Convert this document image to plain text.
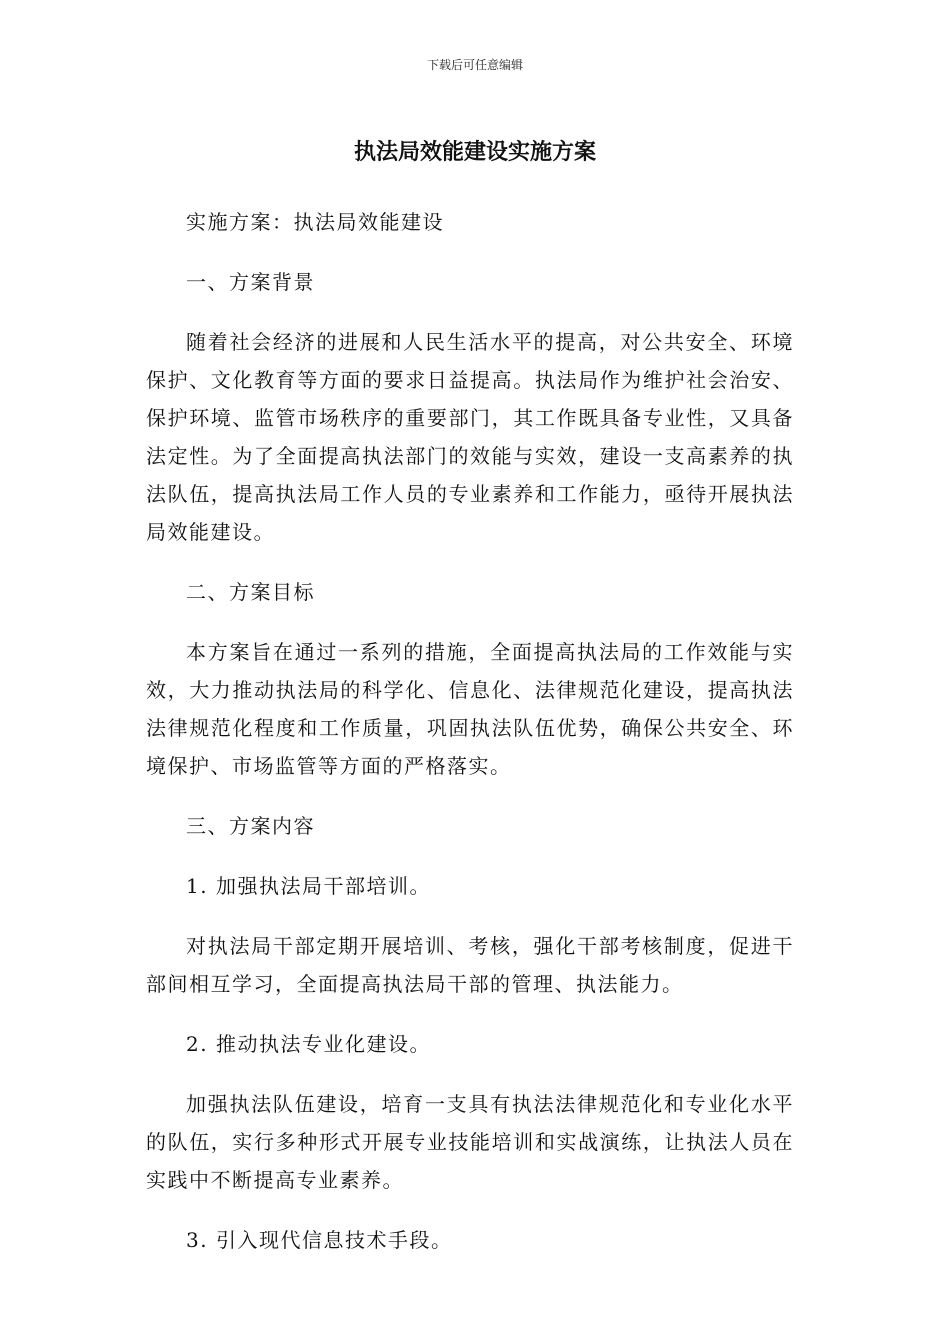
下载后可任意编辑
执法局效能建设实施方案

实施方案：执法局效能建设

一、方案背景

随着社会经济的进展和人民生活水平的提高，对公共安全、环境保护、文化教育等方面的要求日益提高。执法局作为维护社会治安、保护环境、监管市场秩序的重要部门，其工作既具备专业性，又具备法定性。为了全面提高执法部门的效能与实效，建设一支高素养的执法队伍，提高执法局工作人员的专业素养和工作能力，亟待开展执法局效能建设。

二、方案目标

本方案旨在通过一系列的措施，全面提高执法局的工作效能与实效，大力推动执法局的科学化、信息化、法律规范化建设，提高执法法律规范化程度和工作质量，巩固执法队伍优势，确保公共安全、环境保护、市场监管等方面的严格落实。

三、方案内容

1. 加强执法局干部培训。

对执法局干部定期开展培训、考核，强化干部考核制度，促进干部间相互学习，全面提高执法局干部的管理、执法能力。

2. 推动执法专业化建设。

加强执法队伍建设，培育一支具有执法法律规范化和专业化水平的队伍，实行多种形式开展专业技能培训和实战演练，让执法人员在实践中不断提高专业素养。

3. 引入现代信息技术手段。
